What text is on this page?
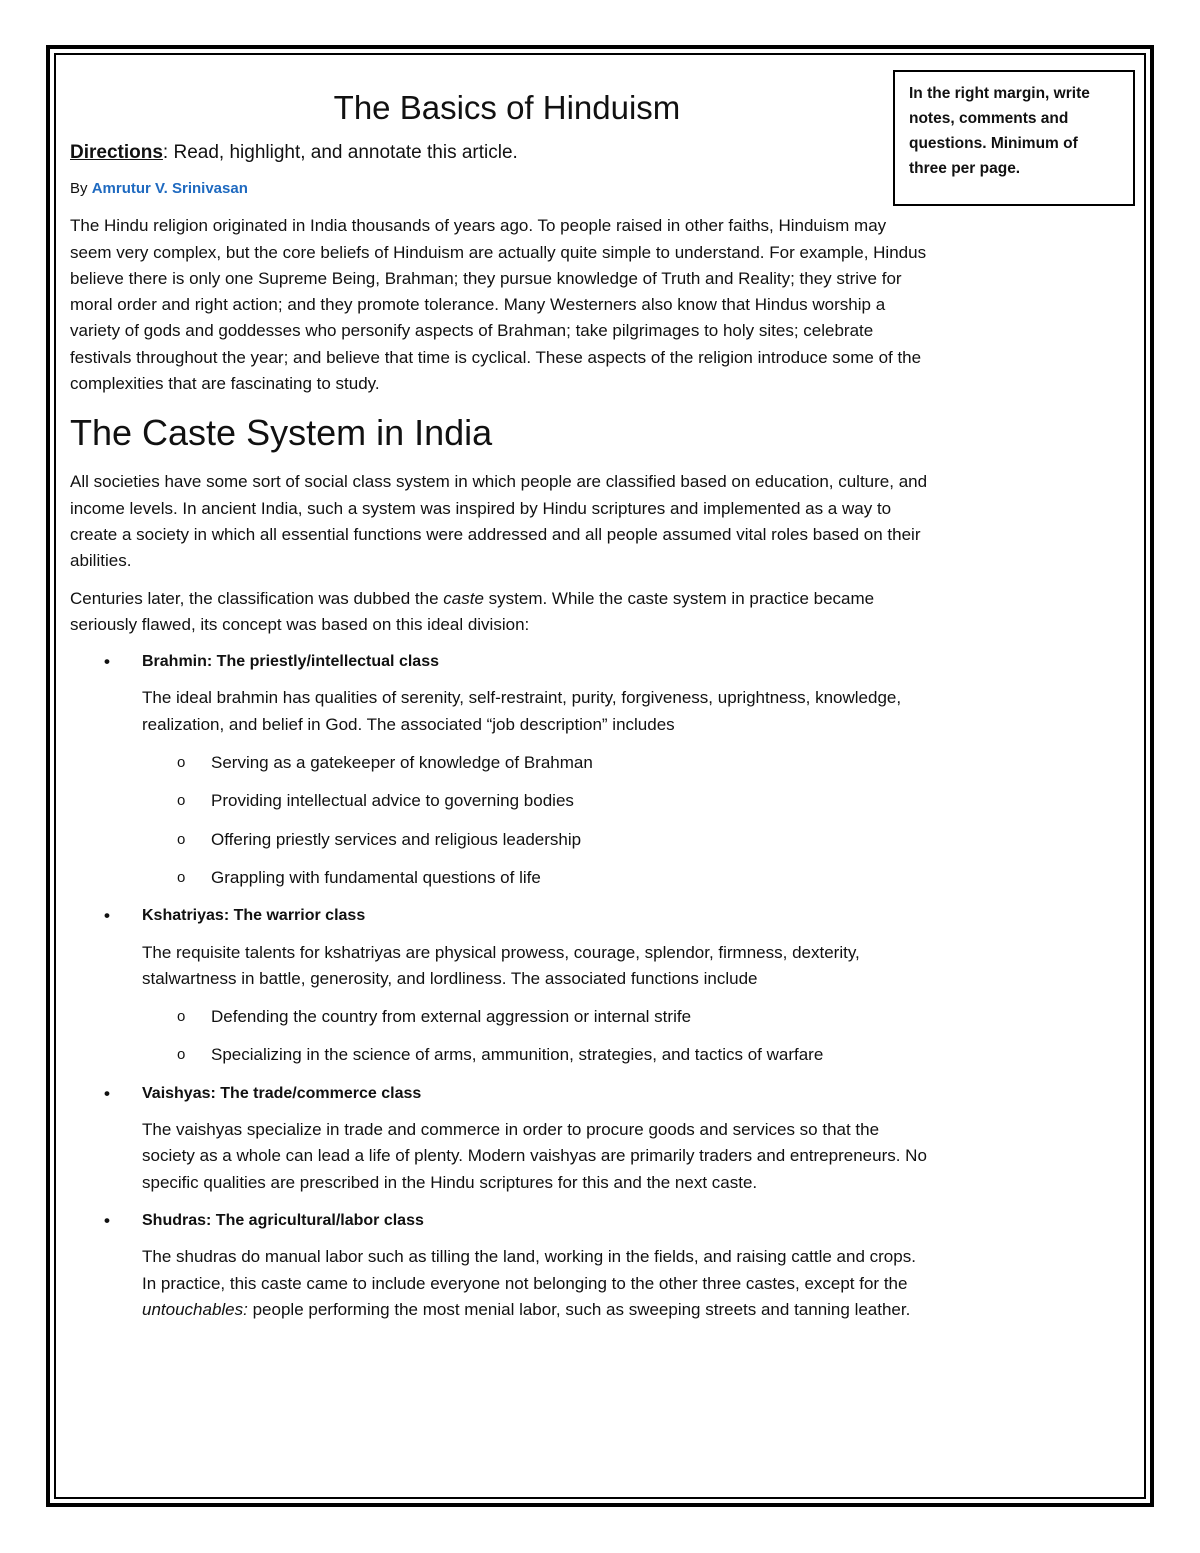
In the right margin, write notes, comments and questions. Minimum of three per page.
The Basics of Hinduism
Directions: Read, highlight, and annotate this article.
By Amrutur V. Srinivasan

The Hindu religion originated in India thousands of years ago. To people raised in other faiths, Hinduism may seem very complex, but the core beliefs of Hinduism are actually quite simple to understand. For example, Hindus believe there is only one Supreme Being, Brahman; they pursue knowledge of Truth and Reality; they strive for moral order and right action; and they promote tolerance. Many Westerners also know that Hindus worship a variety of gods and goddesses who personify aspects of Brahman; take pilgrimages to holy sites; celebrate festivals throughout the year; and believe that time is cyclical. These aspects of the religion introduce some of the complexities that are fascinating to study.

The Caste System in India

All societies have some sort of social class system in which people are classified based on education, culture, and income levels. In ancient India, such a system was inspired by Hindu scriptures and implemented as a way to create a society in which all essential functions were addressed and all people assumed vital roles based on their abilities.

Centuries later, the classification was dubbed the caste system. While the caste system in practice became seriously flawed, its concept was based on this ideal division:

• Brahmin: The priestly/intellectual class

The ideal brahmin has qualities of serenity, self-restraint, purity, forgiveness, uprightness, knowledge, realization, and belief in God. The associated “job description” includes

o Serving as a gatekeeper of knowledge of Brahman
o Providing intellectual advice to governing bodies
o Offering priestly services and religious leadership
o Grappling with fundamental questions of life
• Kshatriyas: The warrior class

The requisite talents for kshatriyas are physical prowess, courage, splendor, firmness, dexterity, stalwartness in battle, generosity, and lordliness. The associated functions include

o Defending the country from external aggression or internal strife
o Specializing in the science of arms, ammunition, strategies, and tactics of warfare
• Vaishyas: The trade/commerce class

The vaishyas specialize in trade and commerce in order to procure goods and services so that the society as a whole can lead a life of plenty. Modern vaishyas are primarily traders and entrepreneurs. No specific qualities are prescribed in the Hindu scriptures for this and the next caste.

• Shudras: The agricultural/labor class

The shudras do manual labor such as tilling the land, working in the fields, and raising cattle and crops. In practice, this caste came to include everyone not belonging to the other three castes, except for the untouchables: people performing the most menial labor, such as sweeping streets and tanning leather.
